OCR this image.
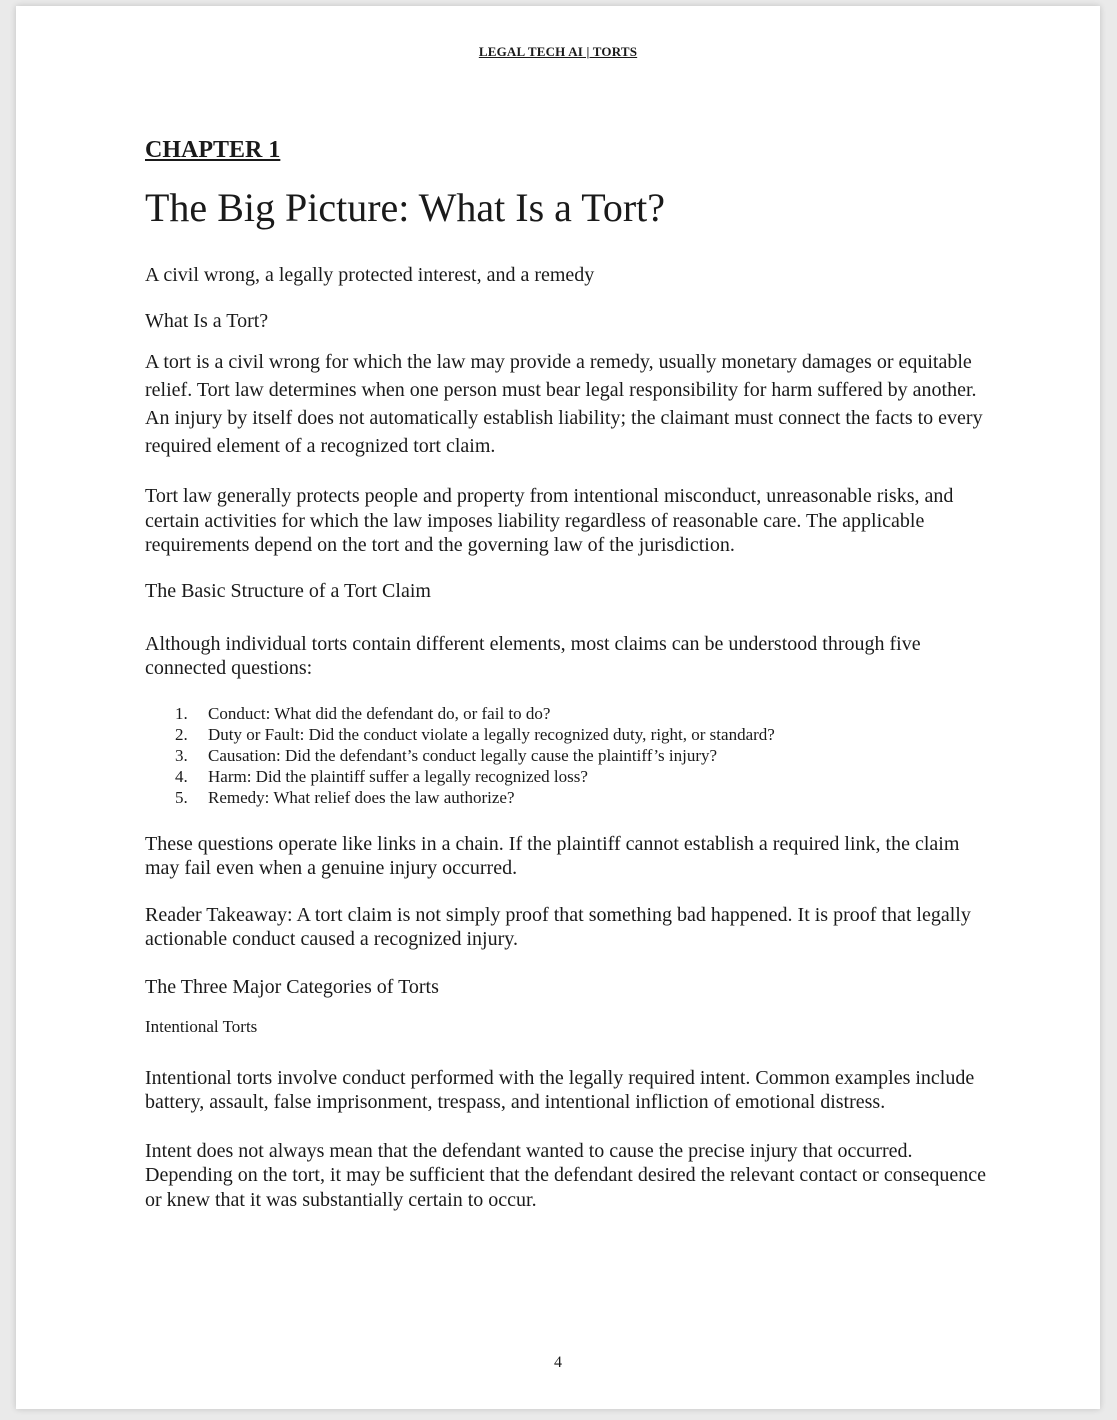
LEGAL TECH AI | TORTS
CHAPTER 1
The Big Picture: What Is a Tort?
A civil wrong, a legally protected interest, and a remedy
What Is a Tort?

A tort is a civil wrong for which the law may provide a remedy, usually monetary damages or equitable relief. Tort law determines when one person must bear legal responsibility for harm suffered by another. An injury by itself does not automatically establish liability; the claimant must connect the facts to every required element of a recognized tort claim.

Tort law generally protects people and property from intentional misconduct, unreasonable risks, and certain activities for which the law imposes liability regardless of reasonable care. The applicable requirements depend on the tort and the governing law of the jurisdiction.

The Basic Structure of a Tort Claim

Although individual torts contain different elements, most claims can be understood through five connected questions:

1. Conduct: What did the defendant do, or fail to do?
2. Duty or Fault: Did the conduct violate a legally recognized duty, right, or standard?
3. Causation: Did the defendant’s conduct legally cause the plaintiff’s injury?
4. Harm: Did the plaintiff suffer a legally recognized loss?
5. Remedy: What relief does the law authorize?

These questions operate like links in a chain. If the plaintiff cannot establish a required link, the claim may fail even when a genuine injury occurred.

Reader Takeaway: A tort claim is not simply proof that something bad happened. It is proof that legally actionable conduct caused a recognized injury.

The Three Major Categories of Torts
Intentional Torts

Intentional torts involve conduct performed with the legally required intent. Common examples include battery, assault, false imprisonment, trespass, and intentional infliction of emotional distress.

Intent does not always mean that the defendant wanted to cause the precise injury that occurred. Depending on the tort, it may be sufficient that the defendant desired the relevant contact or consequence or knew that it was substantially certain to occur.

4
